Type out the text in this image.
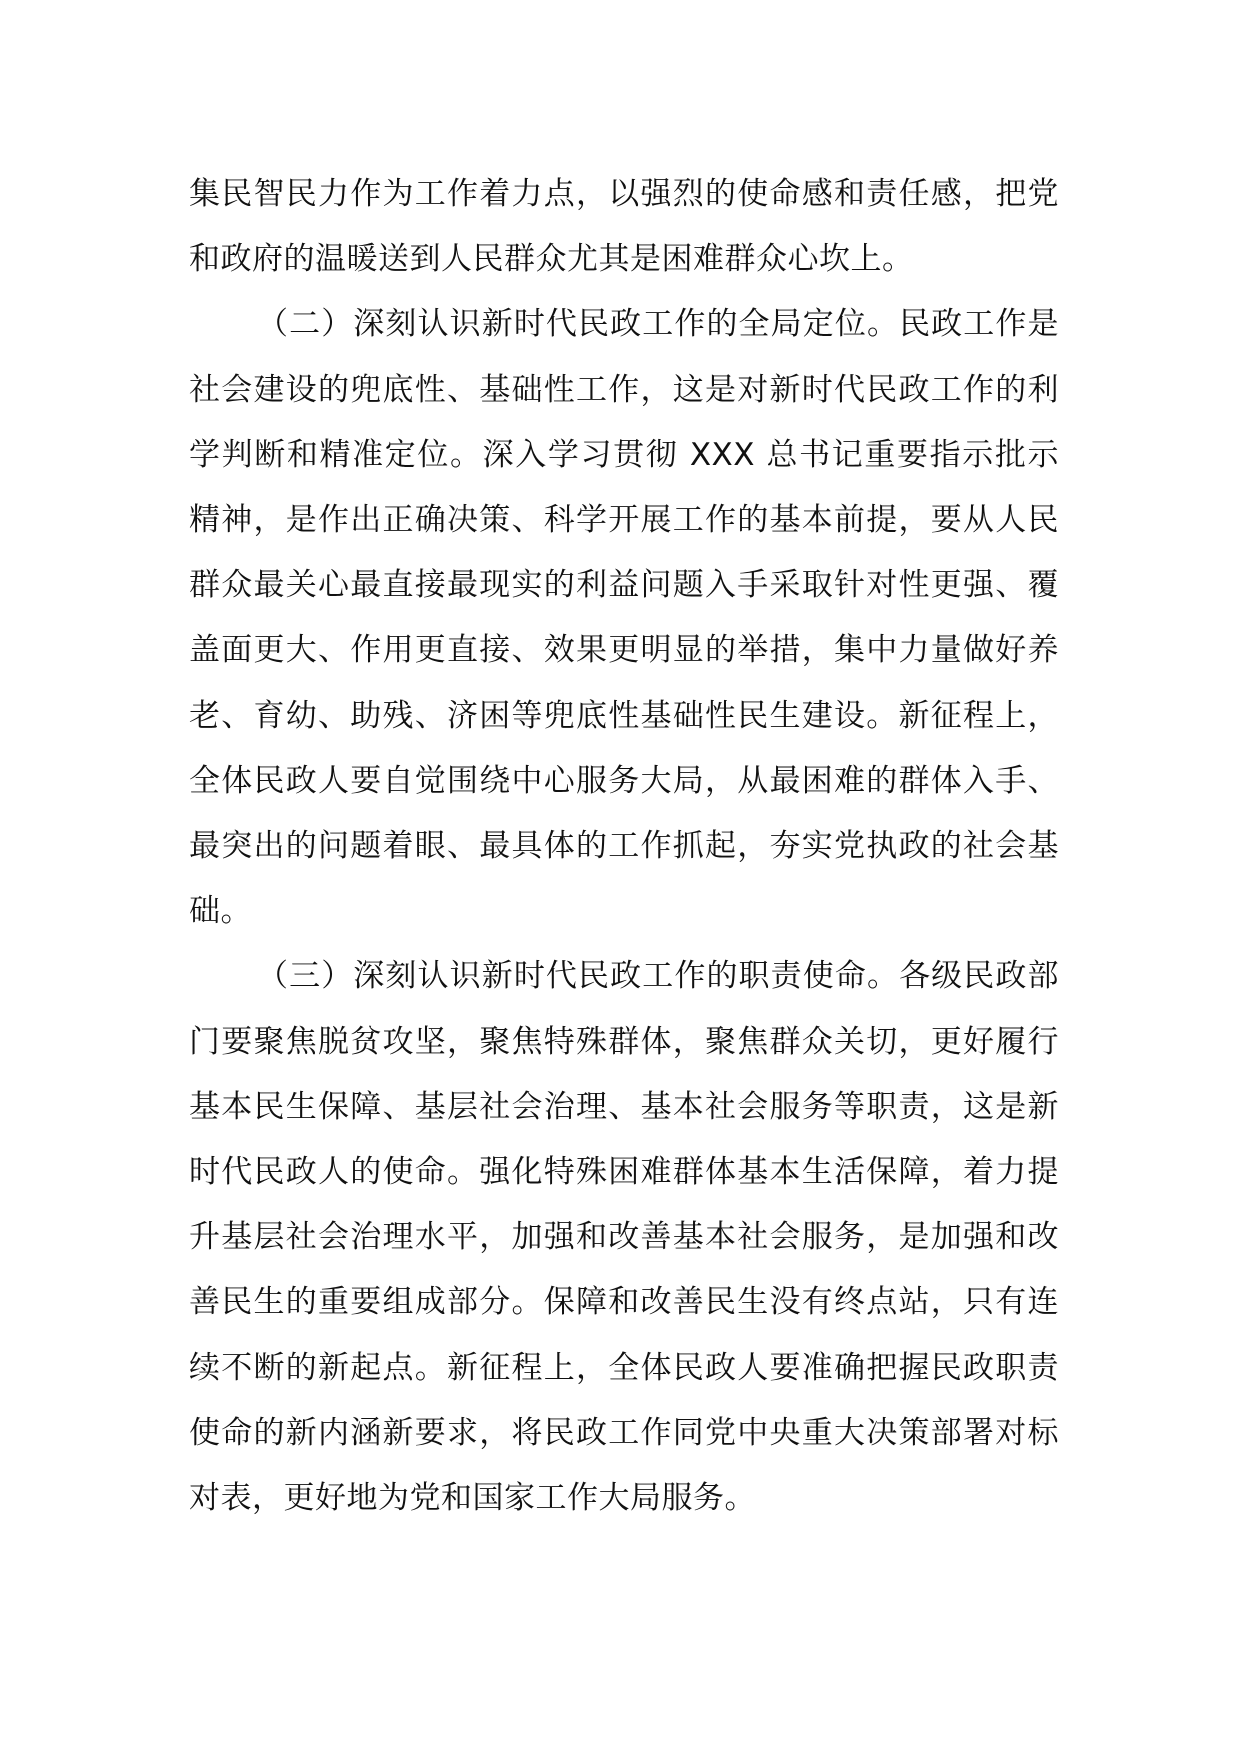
集民智民力作为工作着力点，以强烈的使命感和责任感，把党和政府的温暖送到人民群众尤其是困难群众心坎上。

（二）深刻认识新时代民政工作的全局定位。民政工作是社会建设的兜底性、基础性工作，这是对新时代民政工作的利学判断和精准定位。深入学习贯彻 XXX 总书记重要指示批示精神，是作出正确决策、科学开展工作的基本前提，要从人民群众最关心最直接最现实的利益问题入手采取针对性更强、覆盖面更大、作用更直接、效果更明显的举措，集中力量做好养老、育幼、助残、济困等兜底性基础性民生建设。新征程上，全体民政人要自觉围绕中心服务大局，从最困难的群体入手、最突出的问题着眼、最具体的工作抓起，夯实党执政的社会基础。

（三）深刻认识新时代民政工作的职责使命。各级民政部门要聚焦脱贫攻坚，聚焦特殊群体，聚焦群众关切，更好履行基本民生保障、基层社会治理、基本社会服务等职责，这是新时代民政人的使命。强化特殊困难群体基本生活保障，着力提升基层社会治理水平，加强和改善基本社会服务，是加强和改善民生的重要组成部分。保障和改善民生没有终点站，只有连续不断的新起点。新征程上，全体民政人要准确把握民政职责使命的新内涵新要求，将民政工作同党中央重大决策部署对标对表，更好地为党和国家工作大局服务。
